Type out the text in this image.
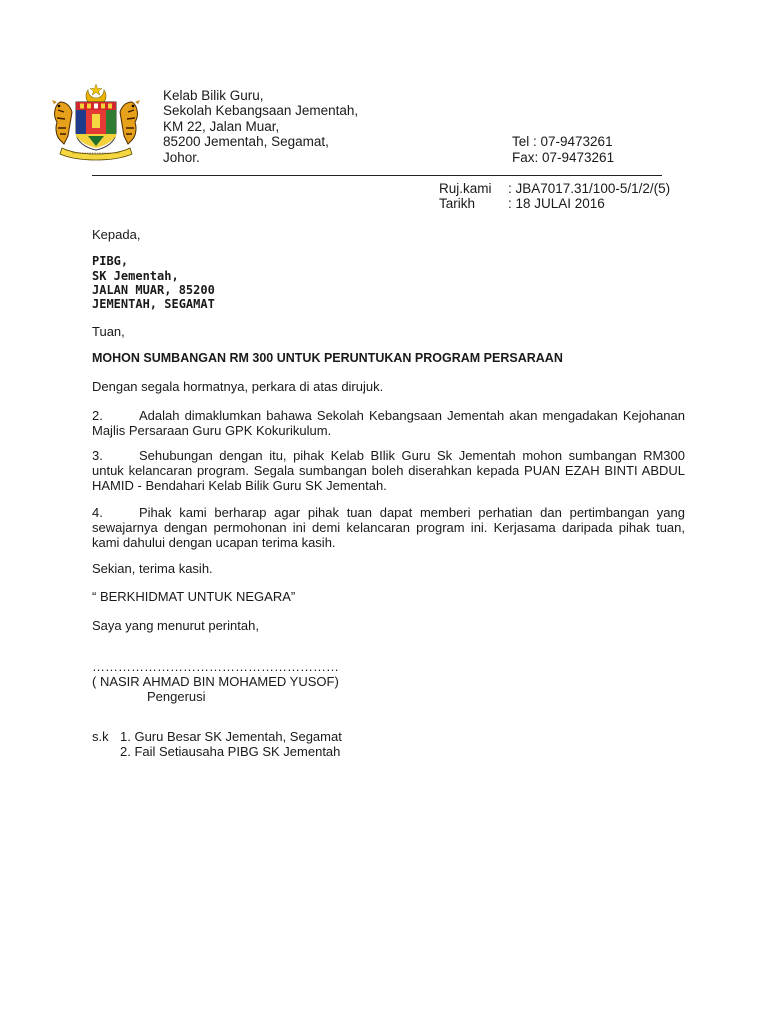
Kelab Bilik Guru,
Sekolah Kebangsaan Jementah,
KM 22, Jalan Muar,
85200 Jementah, Segamat,
Johor.
Tel : 07-9473261
Fax: 07-9473261
Ruj.kami : JBA7017.31/100-5/1/2/(5)
Tarikh : 18 JULAI 2016
Kepada,
PIBG,
SK Jementah,
JALAN MUAR, 85200
JEMENTAH, SEGAMAT
Tuan,
MOHON SUMBANGAN RM 300 UNTUK PERUNTUKAN PROGRAM PERSARAAN
Dengan segala hormatnya, perkara di atas dirujuk.

2.	Adalah dimaklumkan bahawa Sekolah Kebangsaan Jementah akan mengadakan Kejohanan Majlis Persaraan Guru GPK Kokurikulum.

3.	Sehubungan dengan itu, pihak Kelab BIlik Guru Sk Jementah mohon sumbangan RM300 untuk kelancaran program. Segala sumbangan boleh diserahkan kepada PUAN EZAH BINTI ABDUL HAMID - Bendahari Kelab Bilik Guru SK Jementah.

4.	Pihak kami berharap agar pihak tuan dapat memberi perhatian dan pertimbangan yang sewajarnya dengan permohonan ini demi kelancaran program ini. Kerjasama daripada pihak tuan, kami dahului dengan ucapan terima kasih.

Sekian, terima kasih.
“ BERKHIDMAT UNTUK NEGARA”
Saya yang menurut perintah,
…………………………………………………
( NASIR AHMAD BIN MOHAMED YUSOF)
Pengerusi
s.k 1. Guru Besar SK Jementah, Segamat
2. Fail Setiausaha PIBG SK Jementah
